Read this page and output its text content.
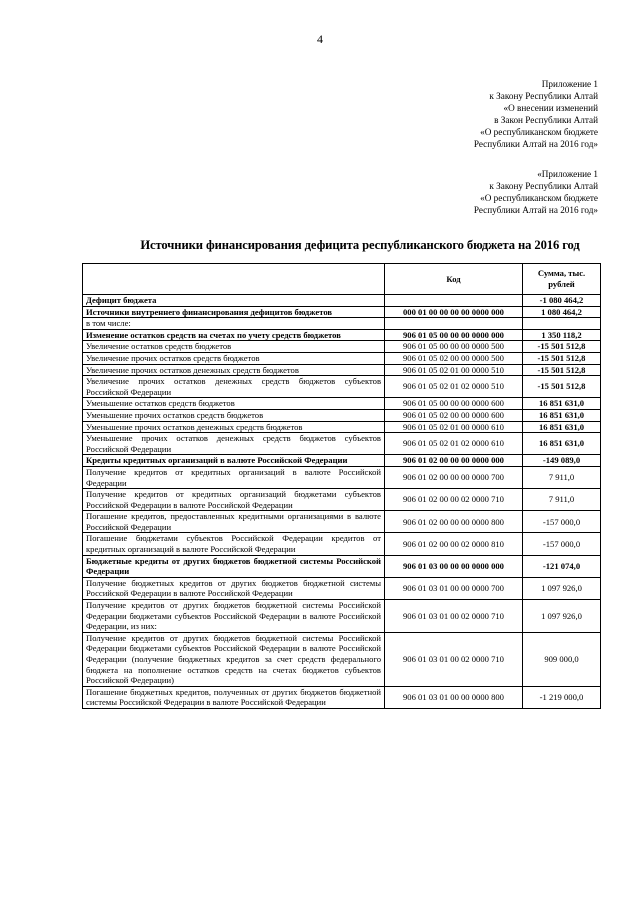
4
Приложение 1
к Закону Республики Алтай
«О внесении изменений
в Закон Республики Алтай
«О республиканском бюджете
Республики Алтай на 2016 год»
«Приложение 1
к Закону Республики Алтай
«О республиканском бюджете
Республики Алтай на 2016 год»
Источники финансирования дефицита республиканского бюджета на 2016 год
	Код	Сумма, тыс. рублей
Дефицит бюджета		-1 080 464,2
Источники внутреннего финансирования дефицитов бюджетов	000 01 00 00 00 00 0000 000	1 080 464,2
в том числе:		
Изменение остатков средств на счетах по учету средств бюджетов	906 01 05 00 00 00 0000 000	1 350 118,2
Увеличение остатков средств бюджетов	906 01 05 00 00 00 0000 500	-15 501 512,8
Увеличение прочих остатков средств бюджетов	906 01 05 02 00 00 0000 500	-15 501 512,8
Увеличение прочих остатков денежных средств бюджетов	906 01 05 02 01 00 0000 510	-15 501 512,8
Увеличение прочих остатков денежных средств бюджетов субъектов Российской Федерации	906 01 05 02 01 02 0000 510	-15 501 512,8
Уменьшение остатков средств бюджетов	906 01 05 00 00 00 0000 600	16 851 631,0
Уменьшение прочих остатков средств бюджетов	906 01 05 02 00 00 0000 600	16 851 631,0
Уменьшение прочих остатков денежных средств бюджетов	906 01 05 02 01 00 0000 610	16 851 631,0
Уменьшение прочих остатков денежных средств бюджетов субъектов Российской Федерации	906 01 05 02 01 02 0000 610	16 851 631,0
Кредиты кредитных организаций в валюте Российской Федерации	906 01 02 00 00 00 0000 000	-149 089,0
Получение кредитов от кредитных организаций в валюте Российской Федерации	906 01 02 00 00 00 0000 700	7 911,0
Получение кредитов от кредитных организаций бюджетами субъектов Российской Федерации в валюте Российской Федерации	906 01 02 00 00 02 0000 710	7 911,0
Погашение кредитов, предоставленных кредитными организациями в валюте Российской Федерации	906 01 02 00 00 00 0000 800	-157 000,0
Погашение бюджетами субъектов Российской Федерации кредитов от кредитных организаций в валюте Российской Федерации	906 01 02 00 00 02 0000 810	-157 000,0
Бюджетные кредиты от других бюджетов бюджетной системы Российской Федерации	906 01 03 00 00 00 0000 000	-121 074,0
Получение бюджетных кредитов от других бюджетов бюджетной системы Российской Федерации в валюте Российской Федерации	906 01 03 01 00 00 0000 700	1 097 926,0
Получение кредитов от других бюджетов бюджетной системы Российской Федерации бюджетами субъектов Российской Федерации в валюте Российской Федерации, из них:	906 01 03 01 00 02 0000 710	1 097 926,0
Получение кредитов от других бюджетов бюджетной системы Российской Федерации бюджетами субъектов Российской Федерации в валюте Российской Федерации (получение бюджетных кредитов за счет средств федерального бюджета на пополнение остатков средств на счетах бюджетов субъектов Российской Федерации)	906 01 03 01 00 02 0000 710	909 000,0
Погашение бюджетных кредитов, полученных от других бюджетов бюджетной системы Российской Федерации в валюте Российской Федерации	906 01 03 01 00 00 0000 800	-1 219 000,0
